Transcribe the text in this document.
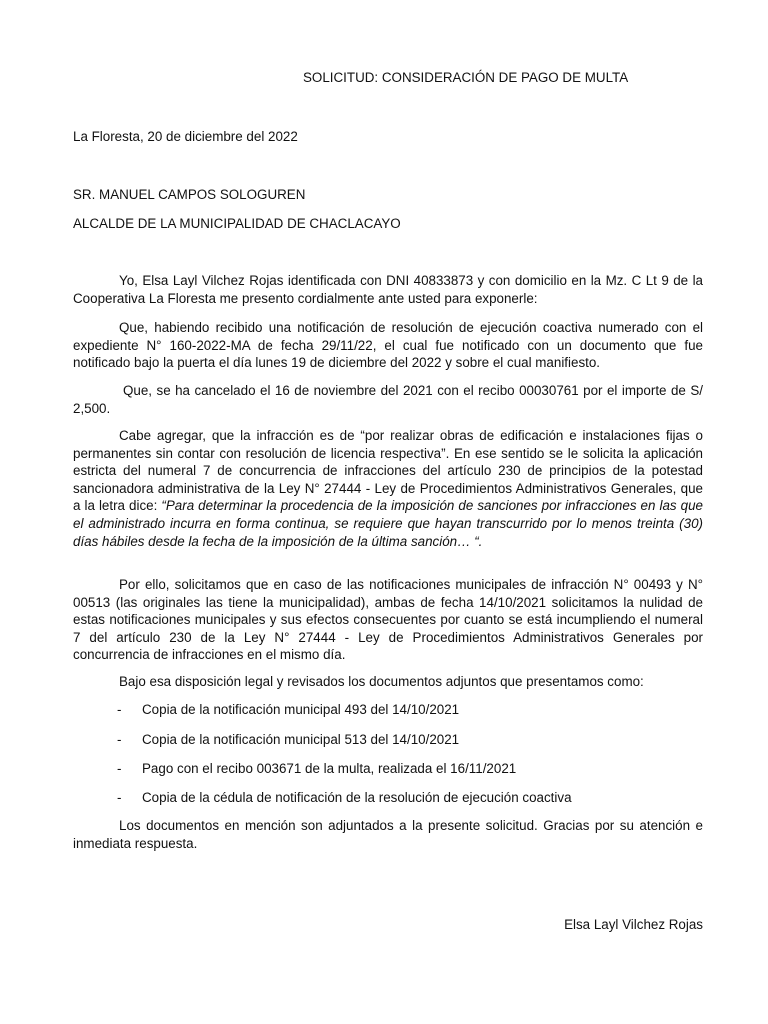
SOLICITUD: CONSIDERACIÓN DE PAGO DE MULTA
La Floresta, 20 de diciembre del 2022
SR. MANUEL CAMPOS SOLOGUREN
ALCALDE DE LA MUNICIPALIDAD DE CHACLACAYO

Yo, Elsa Layl Vilchez Rojas identificada con DNI 40833873 y con domicilio en la Mz. C Lt 9 de la Cooperativa La Floresta me presento cordialmente ante usted para exponerle:

Que, habiendo recibido una notificación de resolución de ejecución coactiva numerado con el expediente N° 160-2022-MA de fecha 29/11/22, el cual fue notificado con un documento que fue notificado bajo la puerta el día lunes 19 de diciembre del 2022 y sobre el cual manifiesto.

Que, se ha cancelado el 16 de noviembre del 2021 con el recibo 00030761 por el importe de S/ 2,500.

Cabe agregar, que la infracción es de “por realizar obras de edificación e instalaciones fijas o permanentes sin contar con resolución de licencia respectiva”. En ese sentido se le solicita la aplicación estricta del numeral 7 de concurrencia de infracciones del artículo 230 de principios de la potestad sancionadora administrativa de la Ley N° 27444 - Ley de Procedimientos Administrativos Generales, que a la letra dice: “Para determinar la procedencia de la imposición de sanciones por infracciones en las que el administrado incurra en forma continua, se requiere que hayan transcurrido por lo menos treinta (30) días hábiles desde la fecha de la imposición de la última sanción… “.

Por ello, solicitamos que en caso de las notificaciones municipales de infracción N° 00493 y N° 00513 (las originales las tiene la municipalidad), ambas de fecha 14/10/2021 solicitamos la nulidad de estas notificaciones municipales y sus efectos consecuentes por cuanto se está incumpliendo el numeral 7 del artículo 230 de la Ley N° 27444 - Ley de Procedimientos Administrativos Generales por concurrencia de infracciones en el mismo día.

Bajo esa disposición legal y revisados los documentos adjuntos que presentamos como:

- Copia de la notificación municipal 493 del 14/10/2021
- Copia de la notificación municipal 513 del 14/10/2021
- Pago con el recibo 003671 de la multa, realizada el 16/11/2021
- Copia de la cédula de notificación de la resolución de ejecución coactiva

Los documentos en mención son adjuntados a la presente solicitud. Gracias por su atención e inmediata respuesta.

Elsa Layl Vilchez Rojas
